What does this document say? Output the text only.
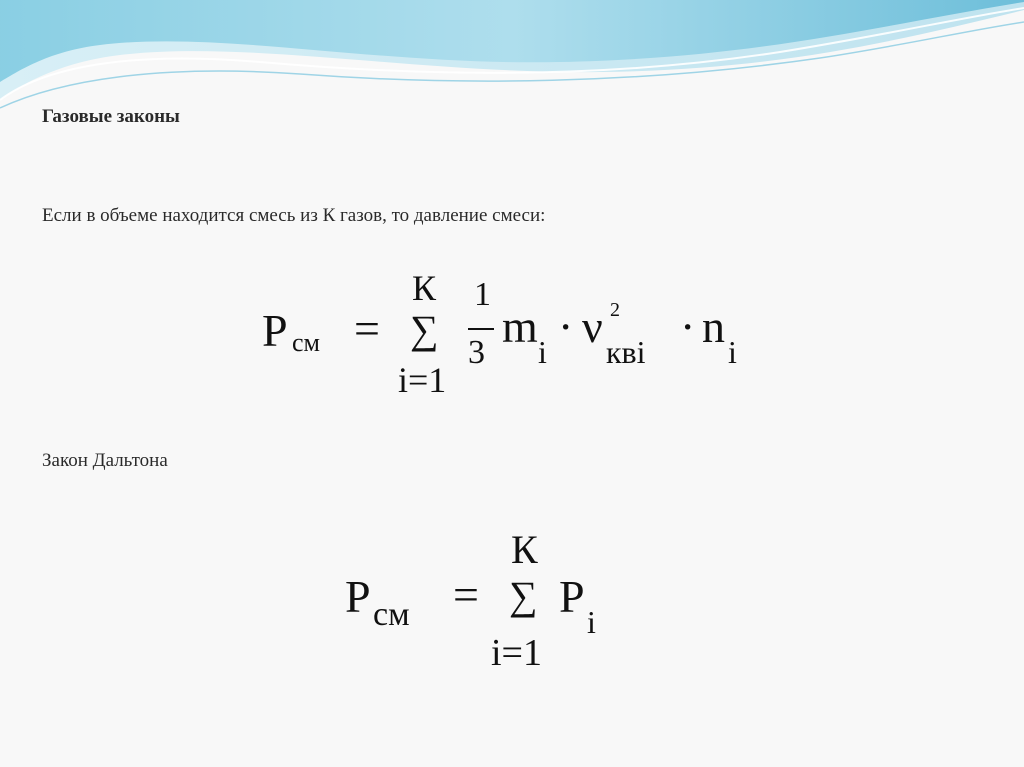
Газовые законы
Если в объеме находится смесь из К газов, то давление смеси:
P см =
К
∑
i=1
1
3
m i · ν 2
кві · n i
Закон Дальтона
P см =
К
∑
i=1
P i
